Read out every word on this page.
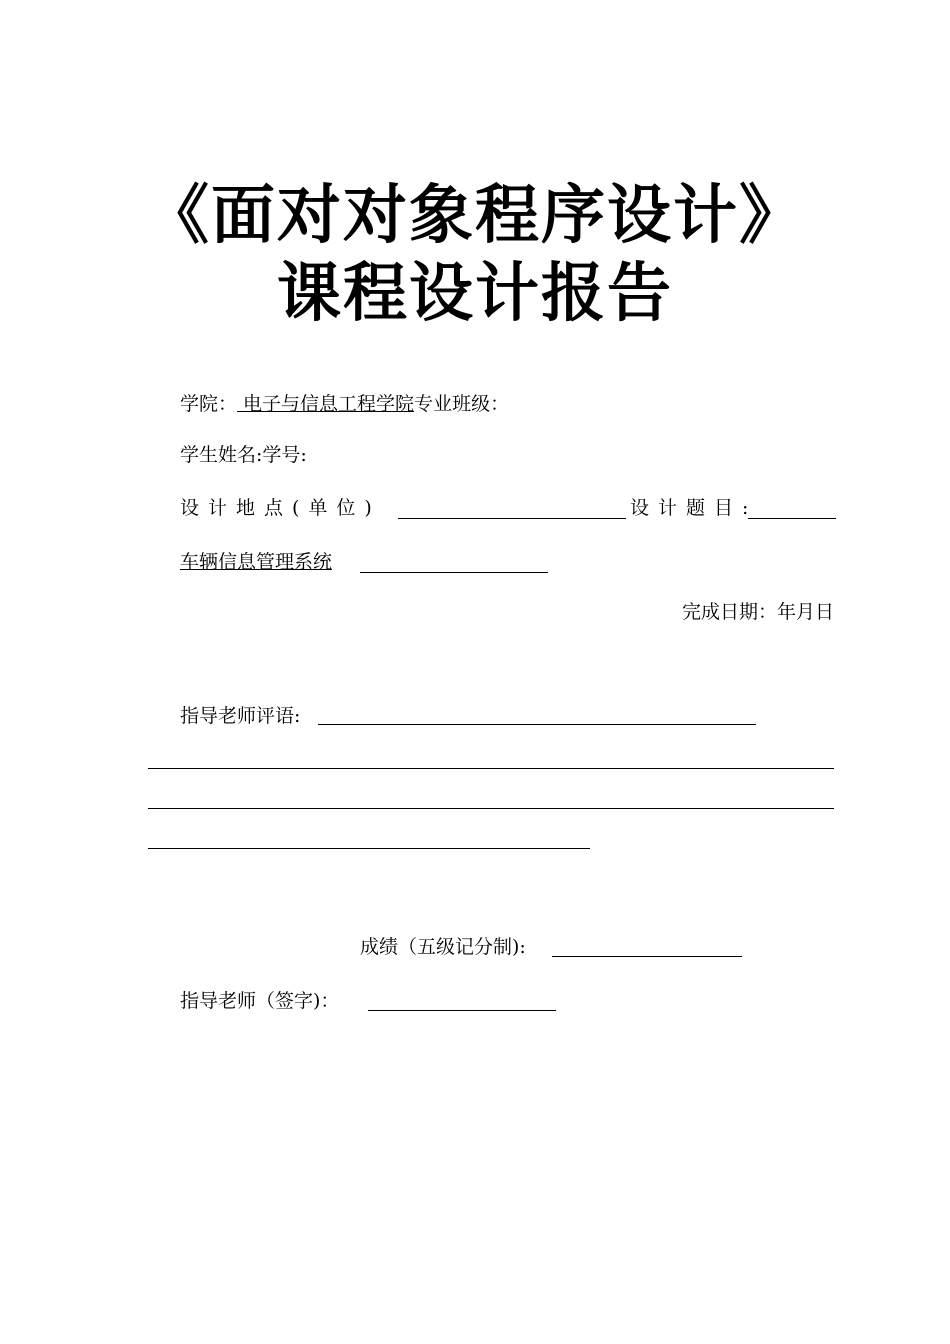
《面对对象程序设计》
课程设计报告
学院： 电子与信息工程学院专业班级：
学生姓名:学号:
设计地点(单位)	设计题目:
车辆信息管理系统
完成日期：年月日
指导老师评语:
成绩（五级记分制):
指导老师（签字)：
